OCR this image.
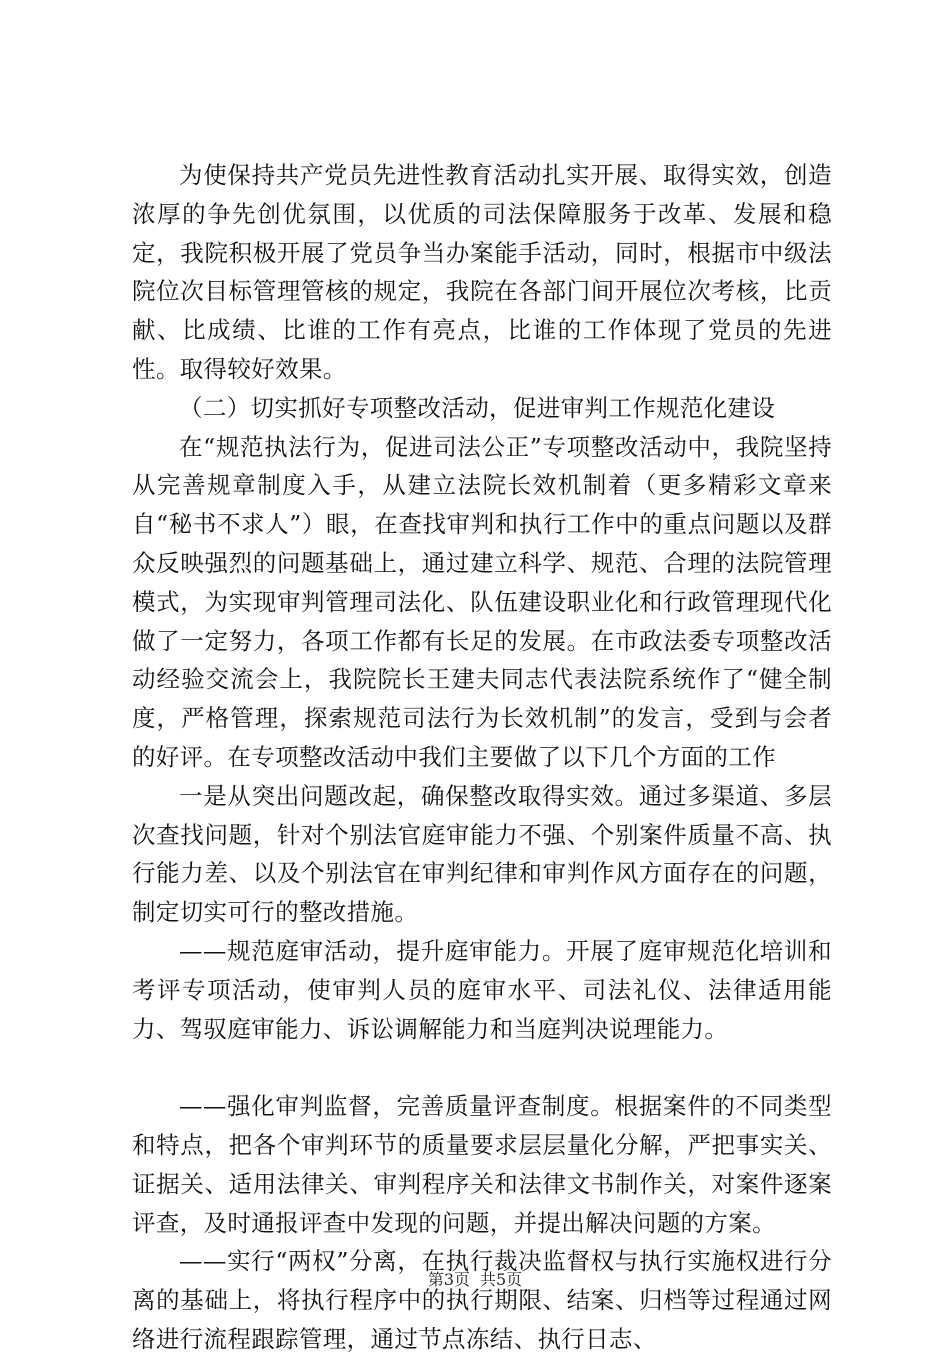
为使保持共产党员先进性教育活动扎实开展、取得实效，创造浓厚的争先创优氛围，以优质的司法保障服务于改革、发展和稳定，我院积极开展了党员争当办案能手活动，同时，根据市中级法院位次目标管理管核的规定，我院在各部门间开展位次考核，比贡献、比成绩、比谁的工作有亮点，比谁的工作体现了党员的先进性。取得较好效果。

（二）切实抓好专项整改活动，促进审判工作规范化建设

在“规范执法行为，促进司法公正”专项整改活动中，我院坚持从完善规章制度入手，从建立法院长效机制着（更多精彩文章来自“秘书不求人”）眼，在查找审判和执行工作中的重点问题以及群众反映强烈的问题基础上，通过建立科学、规范、合理的法院管理模式，为实现审判管理司法化、队伍建设职业化和行政管理现代化做了一定努力，各项工作都有长足的发展。在市政法委专项整改活动经验交流会上，我院院长王建夫同志代表法院系统作了“健全制度，严格管理，探索规范司法行为长效机制”的发言，受到与会者的好评。在专项整改活动中我们主要做了以下几个方面的工作

一是从突出问题改起，确保整改取得实效。通过多渠道、多层次查找问题，针对个别法官庭审能力不强、个别案件质量不高、执行能力差、以及个别法官在审判纪律和审判作风方面存在的问题，制定切实可行的整改措施。

——规范庭审活动，提升庭审能力。开展了庭审规范化培训和考评专项活动，使审判人员的庭审水平、司法礼仪、法律适用能力、驾驭庭审能力、诉讼调解能力和当庭判决说理能力。

——强化审判监督，完善质量评查制度。根据案件的不同类型和特点，把各个审判环节的质量要求层层量化分解，严把事实关、证据关、适用法律关、审判程序关和法律文书制作关，对案件逐案评查，及时通报评查中发现的问题，并提出解决问题的方案。

——实行“两权”分离，在执行裁决监督权与执行实施权进行分离的基础上，将执行程序中的执行期限、结案、归档等过程通过网络进行流程跟踪管理，通过节点冻结、执行日志、

第3页 共5页
